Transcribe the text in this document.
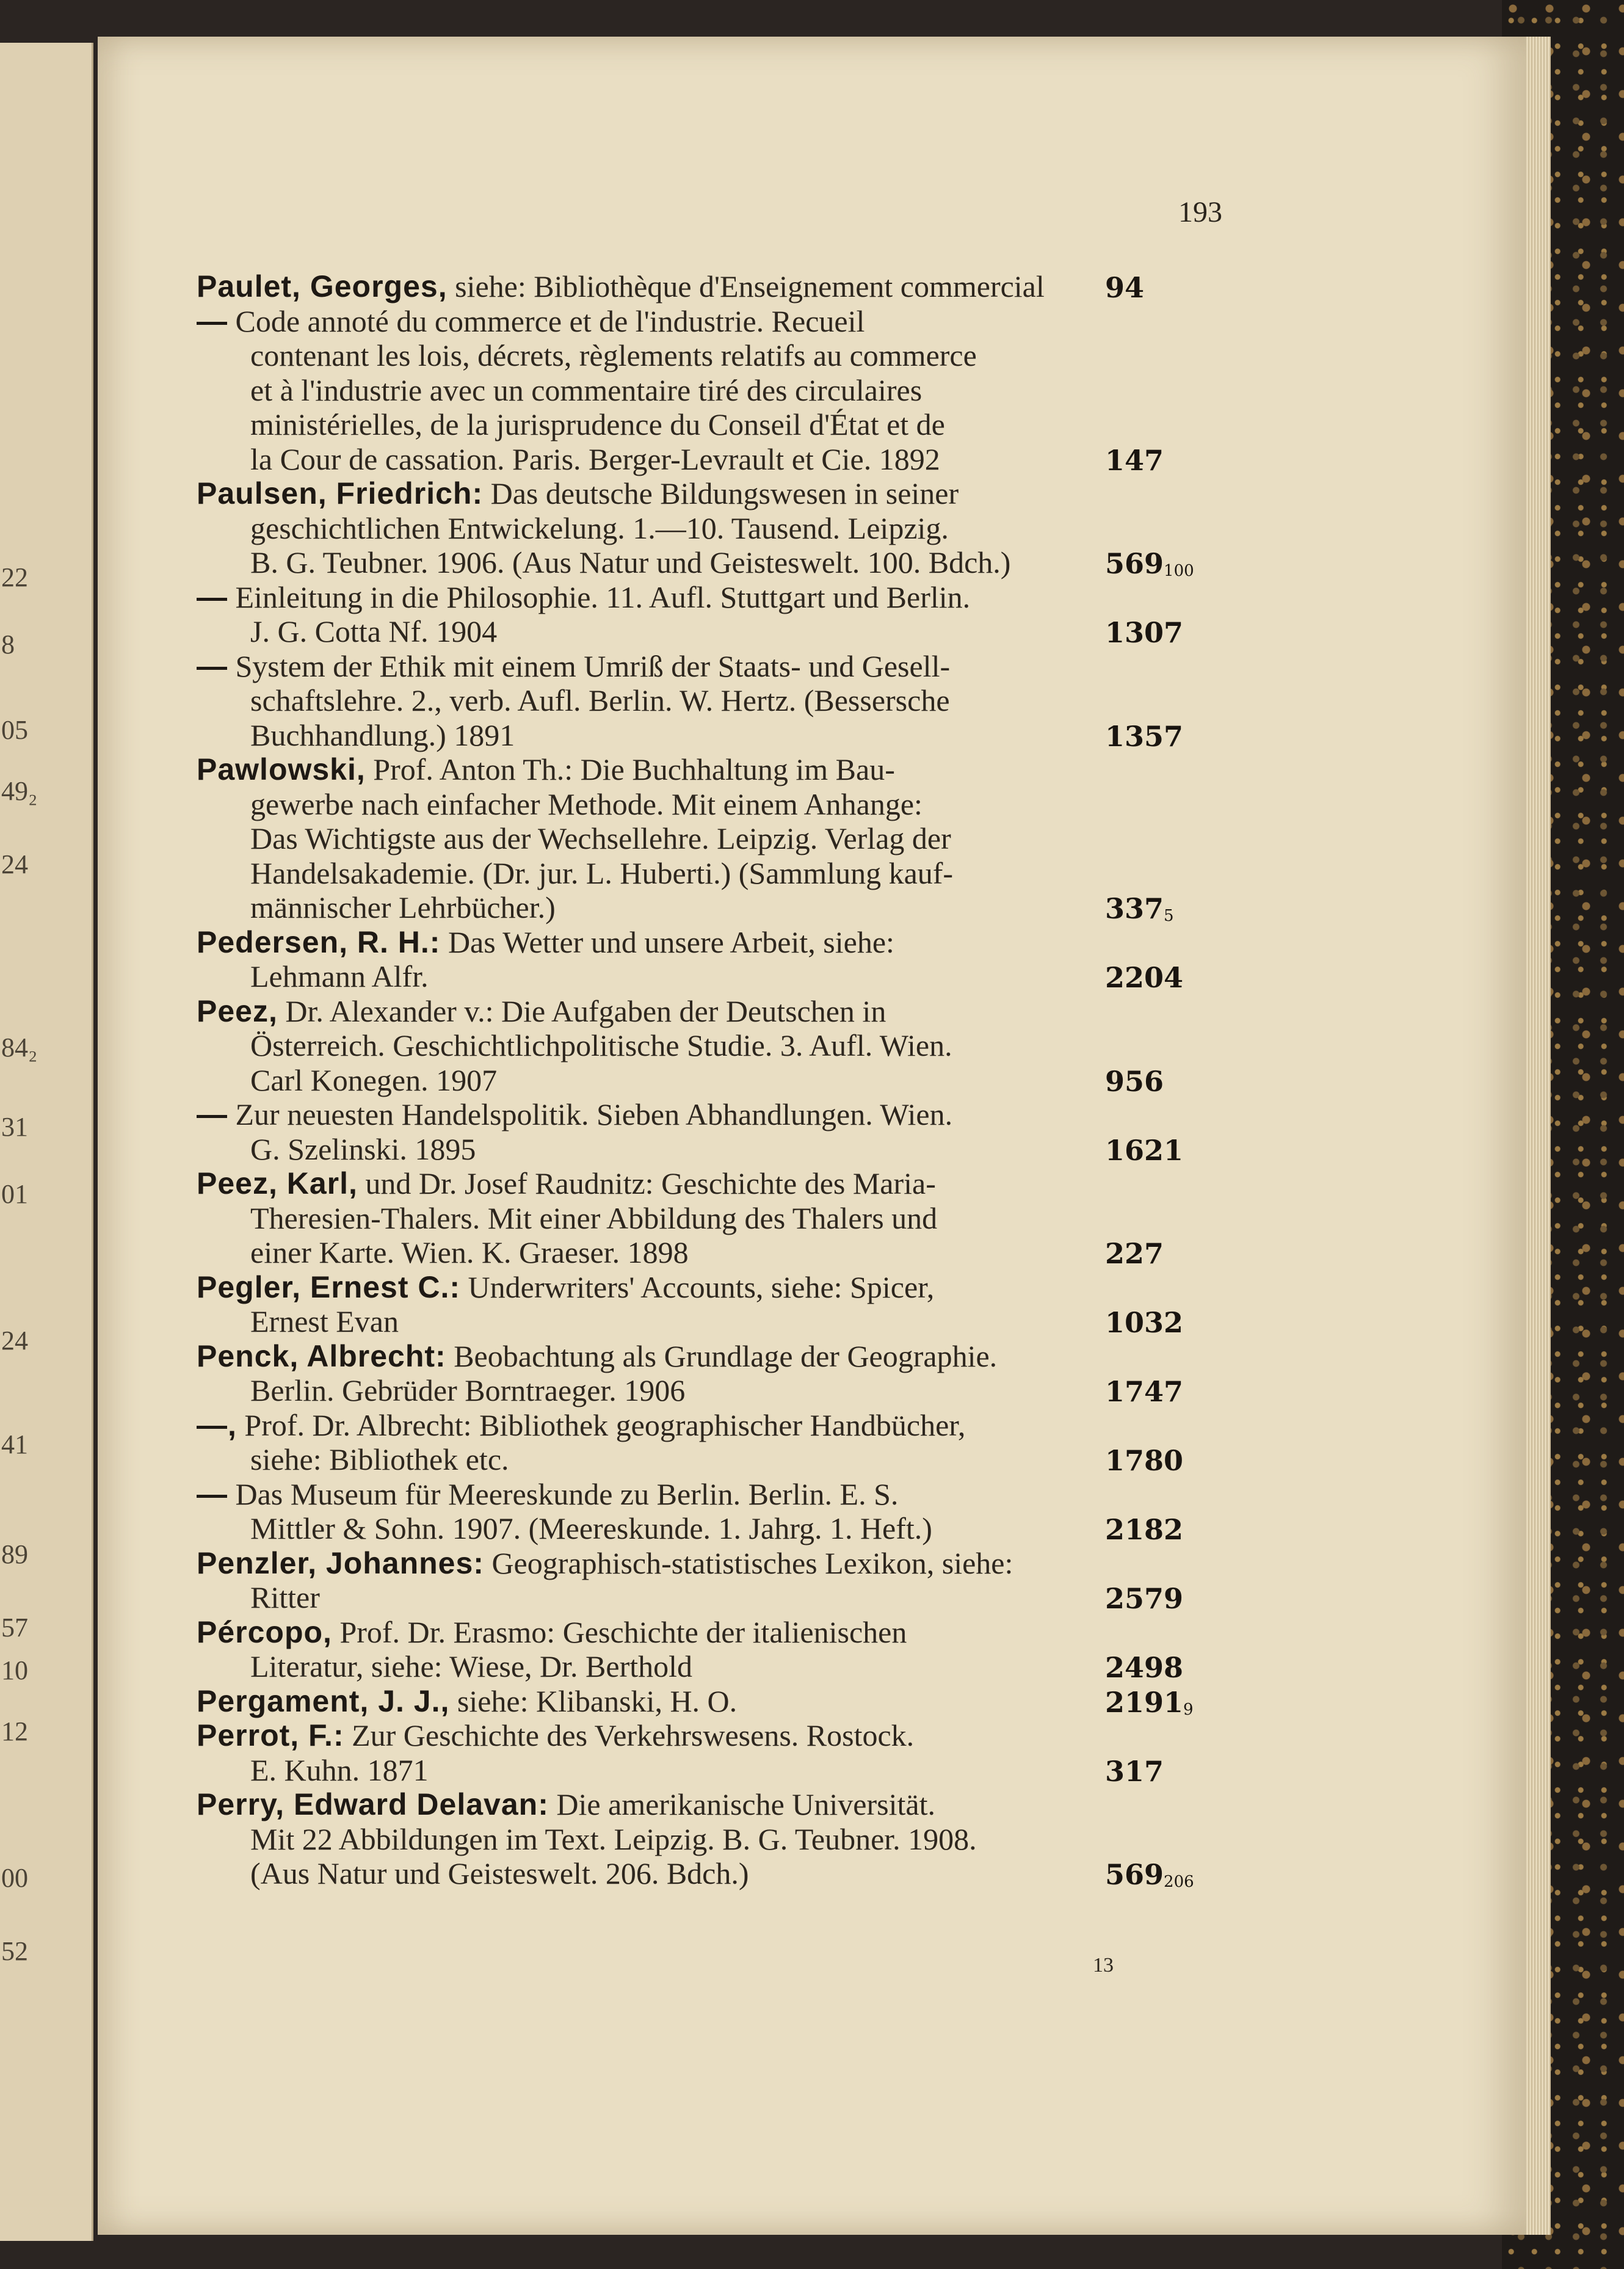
22
8
05
49₂
24
84₂
31
01
24
41
89
57
10
12
00
52
193
Paulet, Georges, siehe: Bibliothèque d'Enseignement commercial 94
— Code annoté du commerce et de l'industrie. Recueil
contenant les lois, décrets, règlements relatifs au commerce
et à l'industrie avec un commentaire tiré des circulaires
ministérielles, de la jurisprudence du Conseil d'État et de
la Cour de cassation. Paris. Berger-Levrault et Cie. 1892	147
Paulsen, Friedrich: Das deutsche Bildungswesen in seiner
geschichtlichen Entwickelung. 1.—10. Tausend. Leipzig.
B. G. Teubner. 1906. (Aus Natur und Geisteswelt. 100. Bdch.)	$569_{100}$
— Einleitung in die Philosophie. 11. Aufl. Stuttgart und Berlin.
J. G. Cotta Nf. 1904	1307
— System der Ethik mit einem Umriß der Staats- und Gesell-
schaftslehre. 2., verb. Aufl. Berlin. W. Hertz. (Bessersche
Buchhandlung.) 1891	1357
Pawlowski, Prof. Anton Th.: Die Buchhaltung im Bau-
gewerbe nach einfacher Methode. Mit einem Anhange:
Das Wichtigste aus der Wechsellehre. Leipzig. Verlag der
Handelsakademie. (Dr. jur. L. Huberti.) (Sammlung kauf-
männischer Lehrbücher.)	$337_5$
Pedersen, R. H.: Das Wetter und unsere Arbeit, siehe:
Lehmann Alfr.	2204
Peez, Dr. Alexander v.: Die Aufgaben der Deutschen in
Österreich. Geschichtlichpolitische Studie. 3. Aufl. Wien.
Carl Konegen. 1907	956
— Zur neuesten Handelspolitik. Sieben Abhandlungen. Wien.
G. Szelinski. 1895	1621
Peez, Karl, und Dr. Josef Raudnitz: Geschichte des Maria-
Theresien-Thalers. Mit einer Abbildung des Thalers und
einer Karte. Wien. K. Graeser. 1898	227
Pegler, Ernest C.: Underwriters' Accounts, siehe: Spicer,
Ernest Evan	1032
Penck, Albrecht: Beobachtung als Grundlage der Geographie.
Berlin. Gebrüder Borntraeger. 1906	1747
—, Prof. Dr. Albrecht: Bibliothek geographischer Handbücher,
siehe: Bibliothek etc.	1780
— Das Museum für Meereskunde zu Berlin. Berlin. E. S.
Mittler & Sohn. 1907. (Meereskunde. 1. Jahrg. 1. Heft.)	2182
Penzler, Johannes: Geographisch-statistisches Lexikon, siehe:
Ritter	2579
Pércopo, Prof. Dr. Erasmo: Geschichte der italienischen
Literatur, siehe: Wiese, Dr. Berthold	2498
Pergament, J. J., siehe: Klibanski, H. O.	$2191_9$
Perrot, F.: Zur Geschichte des Verkehrswesens. Rostock.
E. Kuhn. 1871	317
Perry, Edward Delavan: Die amerikanische Universität.
Mit 22 Abbildungen im Text. Leipzig. B. G. Teubner. 1908.
(Aus Natur und Geisteswelt. 206. Bdch.)	$569_{206}$
13
